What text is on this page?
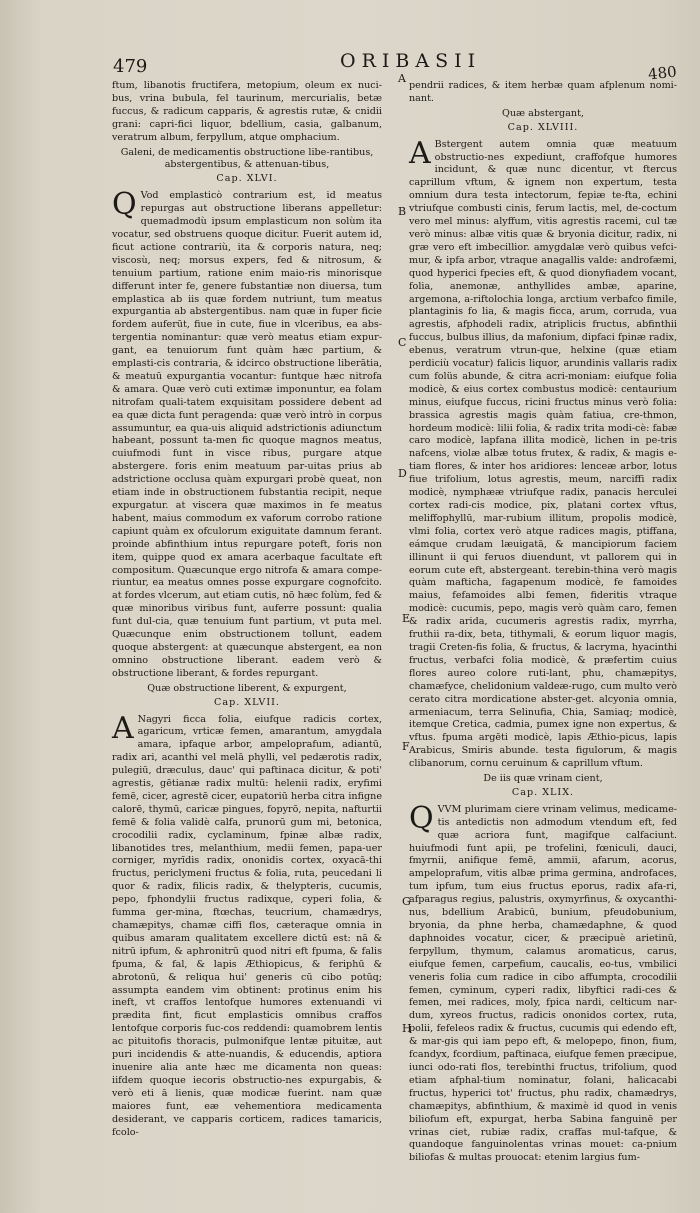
479	ORIBASII
480
A
B
C
D
E
F
G
H

ftum, libanotis fructifera, metopium, oleum ex nuci-bus, vrina bubula, fel taurinum, mercurialis, betæ fuccus, & radicum capparis, & agrestis rutæ, & cnidii grani: capri-fici liquor, bdellium, casia, galbanum, veratrum album, ferpyllum, atque omphacium.

Galeni, de medicamentis obstructione libe-rantibus, abstergentibus, & attenuan-tibus,
Cap. XLVI.

Q Vod emplasticò contrarium est, id meatus repurgas aut obstructione liberans appelletur: quemadmodù ipsum emplasticum non solùm ita vocatur, sed obstruens quoque dicitur. Fuerit autem id, ficut actione contrariù, ita & corporis natura, neq; viscosù, neq; morsus expers, fed & nitrosum, & tenuium partium, ratione enim maio-ris minorisque differunt inter fe, genere fubstantiæ non diuersa, tum emplastica ab iis quæ fordem nutriunt, tum meatus expurgantia ab abstergentibus. nam quæ in fuper ficie fordem auferūt, fiue in cute, fiue in vlceribus, ea abs-tergentia nominantur: quæ verò meatus etiam expur-gant, ea tenuiorum funt quàm hæc partium, & emplasti-cis contraria, & idcirco obstructione liberātia, & meatuū expurgantia vocantur: funtque hæc nitrofa & amara. Quæ verò cuti extimæ imponuntur, ea folam nitrofam quali-tatem exquisitam possidere debent ad ea quæ dicta funt peragenda: quæ verò intrò in corpus assumuntur, ea qua-uis aliquid adstrictionis adiunctum habeant, possunt ta-men fic quoque magnos meatus, cuiufmodi funt in visce ribus, purgare atque abstergere. foris enim meatuum par-uitas prius ab adstrictione occlusa quàm expurgari probè queat, non etiam inde in obstructionem fubstantia recipit, neque expurgatur. at viscera quæ maximos in fe meatus habent, maius commodum ex vaforum corrobo ratione capiunt quàm ex ofculorum exiguitate damnum ferant. proinde abfinthium intus repurgare poteft, foris non item, quippe quod ex amara acerbaque facultate eft compositum. Quæcunque ergo nitrofa & amara compe-riuntur, ea meatus omnes posse expurgare cognofcito. at fordes vlcerum, aut etiam cutis, nō hæc folùm, fed & quæ minoribus viribus funt, auferre possunt: qualia funt dul-cia, quæ tenuium funt partium, vt puta mel. Quæcunque enim obstructionem tollunt, eadem quoque abstergent: at quæcunque abstergent, ea non omnino obstructione liberant. eadem verò & obstructione liberant, & fordes repurgant.

Quæ obstructione liberent, & expurgent,
Cap. XLVII.

A Nagyri ficca folia, eiufque radicis cortex, agaricum, vrticæ femen, amarantum, amygdala amara, ipfaque arbor, ampeloprafum, adiantū, radix ari, acanthi vel melā phylli, vel pedærotis radix, pulegiū, dræculus, dauc' qui paftinaca dicitur, & poti' agrestis, gētianæ radix multū: helenii radix, eryfimi femē, cicer, agrestē cicer, eupatoriū herba citra infigne calorē, thymū, caricæ pingues, fopyrō, nepita, nafturtii femē & folia validè calfa, prunorū gum mi, betonica, crocodilii radix, cyclaminum, fpinæ albæ radix, libanotides tres, melanthium, medii femen, papa-uer corniger, myrīdis radix, ononidis cortex, oxyacā-thi fructus, periclymeni fructus & folia, ruta, peucedani li quor & radix, filicis radix, & thelypteris, cucumis, pepo, fphondylii fructus radixque, cyperi folia, & fumma ger-mina, ftœchas, teucrium, chamædrys, chamæpitys, chamæ ciffi flos, cæteraque omnia in quibus amaram qualitatem excellere dictū est: nā & nitrū ipfum, & aphronitrū quod nitri eft fpuma, & falis fpuma, & fal, & lapis Æthiopicus, & feriphū & abrotonū, & reliqua hui' generis cū cibo potūq; assumpta eandem vim obtinent: protinus enim his ineft, vt craffos lentofque humores extenuandi vi prædita fint, ficut emplasticis omnibus craffos lentofque corporis fuc-cos reddendi: quamobrem lentis ac pituitofis thoracis, pulmonifque lentæ pituitæ, aut puri incidendis & atte-nuandis, & educendis, aptiora inuenire alia ante hæc me dicamenta non queas: iifdem quoque iecoris obstructio-nes expurgabis, & verò eti ā lienis, quæ modicæ fuerint. nam quæ maiores funt, eæ vehementiora medicamenta desiderant, ve capparis corticem, radices tamaricis, fcolo-

pendrii radices, & item herbæ quam afplenum nomi-nant.

Quæ abstergant,
Cap. XLVIII.

A Bstergent autem omnia quæ meatuum obstructio-nes expediunt, craffofque humores incidunt, & quæ nunc dicentur, vt ftercus caprillum vftum, & ignem non expertum, testa omnium dura testa intectorum, fepiæ te-fta, echini vtriufque combusti cinis, ferum lactis, mel, de-coctum vero mel minus: alyffum, vitis agrestis racemi, cul tæ verò minus: albæ vitis quæ & bryonia dicitur, radix, ni græ vero eft imbecillior. amygdalæ verò quibus vefci-mur, & ipfa arbor, vtraque anagallis valde: androfæmi, quod hyperici fpecies eft, & quod dionyfiadem vocant, folia, anemonæ, anthyllides ambæ, aparine, argemona, a-riftolochia longa, arctium verbafco fimile, plantaginis fo lia, & magis ficca, arum, corruda, vua agrestis, afphodeli radix, atriplicis fructus, abfinthii fuccus, bulbus illius, da mafonium, dipfaci fpinæ radix, ebenus, veratrum vtrun-que, helxine (quæ etiam perdiciù vocatur) falicis liquor, arundinis vallaris radix cum folüs abunde, & citra acri-moniam: eiufque folia modicè, & eius cortex combustus modicè: centaurium minus, eiufque fuccus, ricini fructus minus verò folia: brassica agrestis magis quàm fatiua, cre-thmon, hordeum modicè: lilii folia, & radix trita modi-cè: fabæ caro modicè, lapfana illita modicè, lichen in pe-tris nafcens, violæ albæ totus frutex, & radix, & magis e-tiam flores, & inter hos aridiores: lenceæ arbor, lotus fiue trifolium, lotus agrestis, meum, narciffi radix modicè, nymphææ vtriufque radix, panacis herculei cortex radi-cis modice, pix, platani cortex vftus, meliffophyllū, mar-rubium illitum, propolis modicè, vlmi folia, cortex verò atque radices magis, ptiffana, eámque crudam læuigatā, & mancipiorum faciem illinunt ii qui feruos diuendunt, vt pallorem qui in eorum cute eft, abstergeant. terebin-thina verò magis quàm mafticha, fagapenum modicè, fe famoides maius, fefamoides albi femen, fideritis vtraque modicè: cucumis, pepo, magis verò quàm caro, femen & radix arida, cucumeris agrestis radix, myrrha, fruthii ra-dix, beta, tithymali, & eorum liquor magis, tragii Creten-fis folia, & fructus, & lacryma, hyacinthi fructus, verbafci folia modicè, & præfertim cuius flores aureo colore ruti-lant, phu, chamæpitys, chamæfyce, chelidonium valdeæ-rugo, cum multo verò cerato citra mordicatione abster-get. alcyonia omnia, armeniacum, terra Selinufia, Chia, Samiaq; modicè, itemque Cretica, cadmia, pumex igne non expertus, & vftus. fpuma argēti modicè, lapis Æthio-picus, lapis Arabicus, Smiris abunde. testa figulorum, & magis clibanorum, cornu ceruinum & caprillum vftum.

De iis quæ vrinam cient,
Cap. XLIX.

QVVM plurimam ciere vrinam velimus, medicame-tis antedictis non admodum vtendum eft, fed quæ acriora funt, magifque calfaciunt. huiufmodi funt apii, pe trofelini, fœniculi, dauci, fmyrnii, anifique femē, ammii, afarum, acorus, ampeloprafum, vitis albæ prima germina, androfaces, tum ipfum, tum eius fructus eporus, radix afa-ri, afparagus regius, palustris, oxymyrfinus, & oxycanthi-nus, bdellium Arabicū, bunium, pfeudobunium, bryonia, da phne herba, chamædaphne, & quod daphnoides vocatur, cicer, & præcipuè arietinū, ferpyllum, thymum, calamus aromaticus, carus, eiufque femen, carpefium, caucalis, eo-tus, vmbilici veneris folia cum radice in cibo affumpta, crocodilii femen, cyminum, cyperi radix, libyftici radi-ces & femen, mei radices, moly, fpica nardi, celticum nar-dum, xyreos fructus, radicis ononidos cortex, ruta, polii, fefeleos radix & fructus, cucumis qui edendo eft, & mar-gis qui iam pepo eft, & melopepo, finon, fium, fcandyx, fcordium, paftinaca, eiufque femen præcipue, iunci odo-rati flos, terebinthi fructus, trifolium, quod etiam afphal-tium nominatur, folani, halicacabi fructus, hyperici tot' fructus, phu radix, chamædrys, chamæpitys, abfinthium, & maximè id quod in venis biliofum eft, expurgat, herba Sabina fanguinē per vrinas ciet, rubiæ radix, craffas mul-tafque, & quandoque fanguinolentas vrinas mouet: ca-pnium biliofas & multas prouocat: etenim largius fum-
